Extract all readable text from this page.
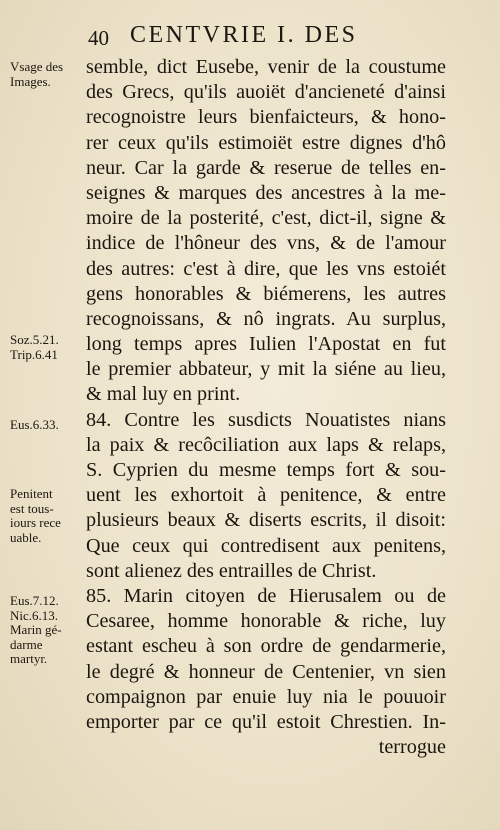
40 CENTVRIE I. DES
semble, dict Eusebe, venir de la coustume
des Grecs, qu'ils auoiët d'ancieneté d'ainsi
recognoistre leurs bienfaicteurs, & hono-
rer ceux qu'ils estimoiët estre dignes d'hô
neur. Car la garde & reserue de telles en-
seignes & marques des ancestres à la me-
moire de la posterité, c'est, dict-il, signe &
indice de l'hôneur des vns, & de l'amour
des autres: c'est à dire, que les vns estoiét
gens honorables & biémerens, les autres
recognoissans, & nô ingrats. Au surplus,
long temps apres Iulien l'Apostat en fut
le premier abbateur, y mit la siéne au lieu,
& mal luy en print.
84. Contre les susdicts Nouatistes nians
la paix & recôciliation aux laps & relaps,
S. Cyprien du mesme temps fort & sou-
uent les exhortoit à penitence, & entre
plusieurs beaux & diserts escrits, il disoit:
Que ceux qui contredisent aux penitens,
sont alienez des entrailles de Christ.
85. Marin citoyen de Hierusalem ou de
Cesaree, homme honorable & riche, luy
estant escheu à son ordre de gendarmerie,
le degré & honneur de Centenier, vn sien
compaignon par enuie luy nia le pouuoir
emporter par ce qu'il estoit Chrestien. In-
terrogue
Vsage des
Images.
Soz.5.21.
Trip.6.41
Eus.6.33.
Penitent
est tous-
iours rece
uable.
Eus.7.12.
Nic.6.13.
Marin gé-
darme
martyr.
